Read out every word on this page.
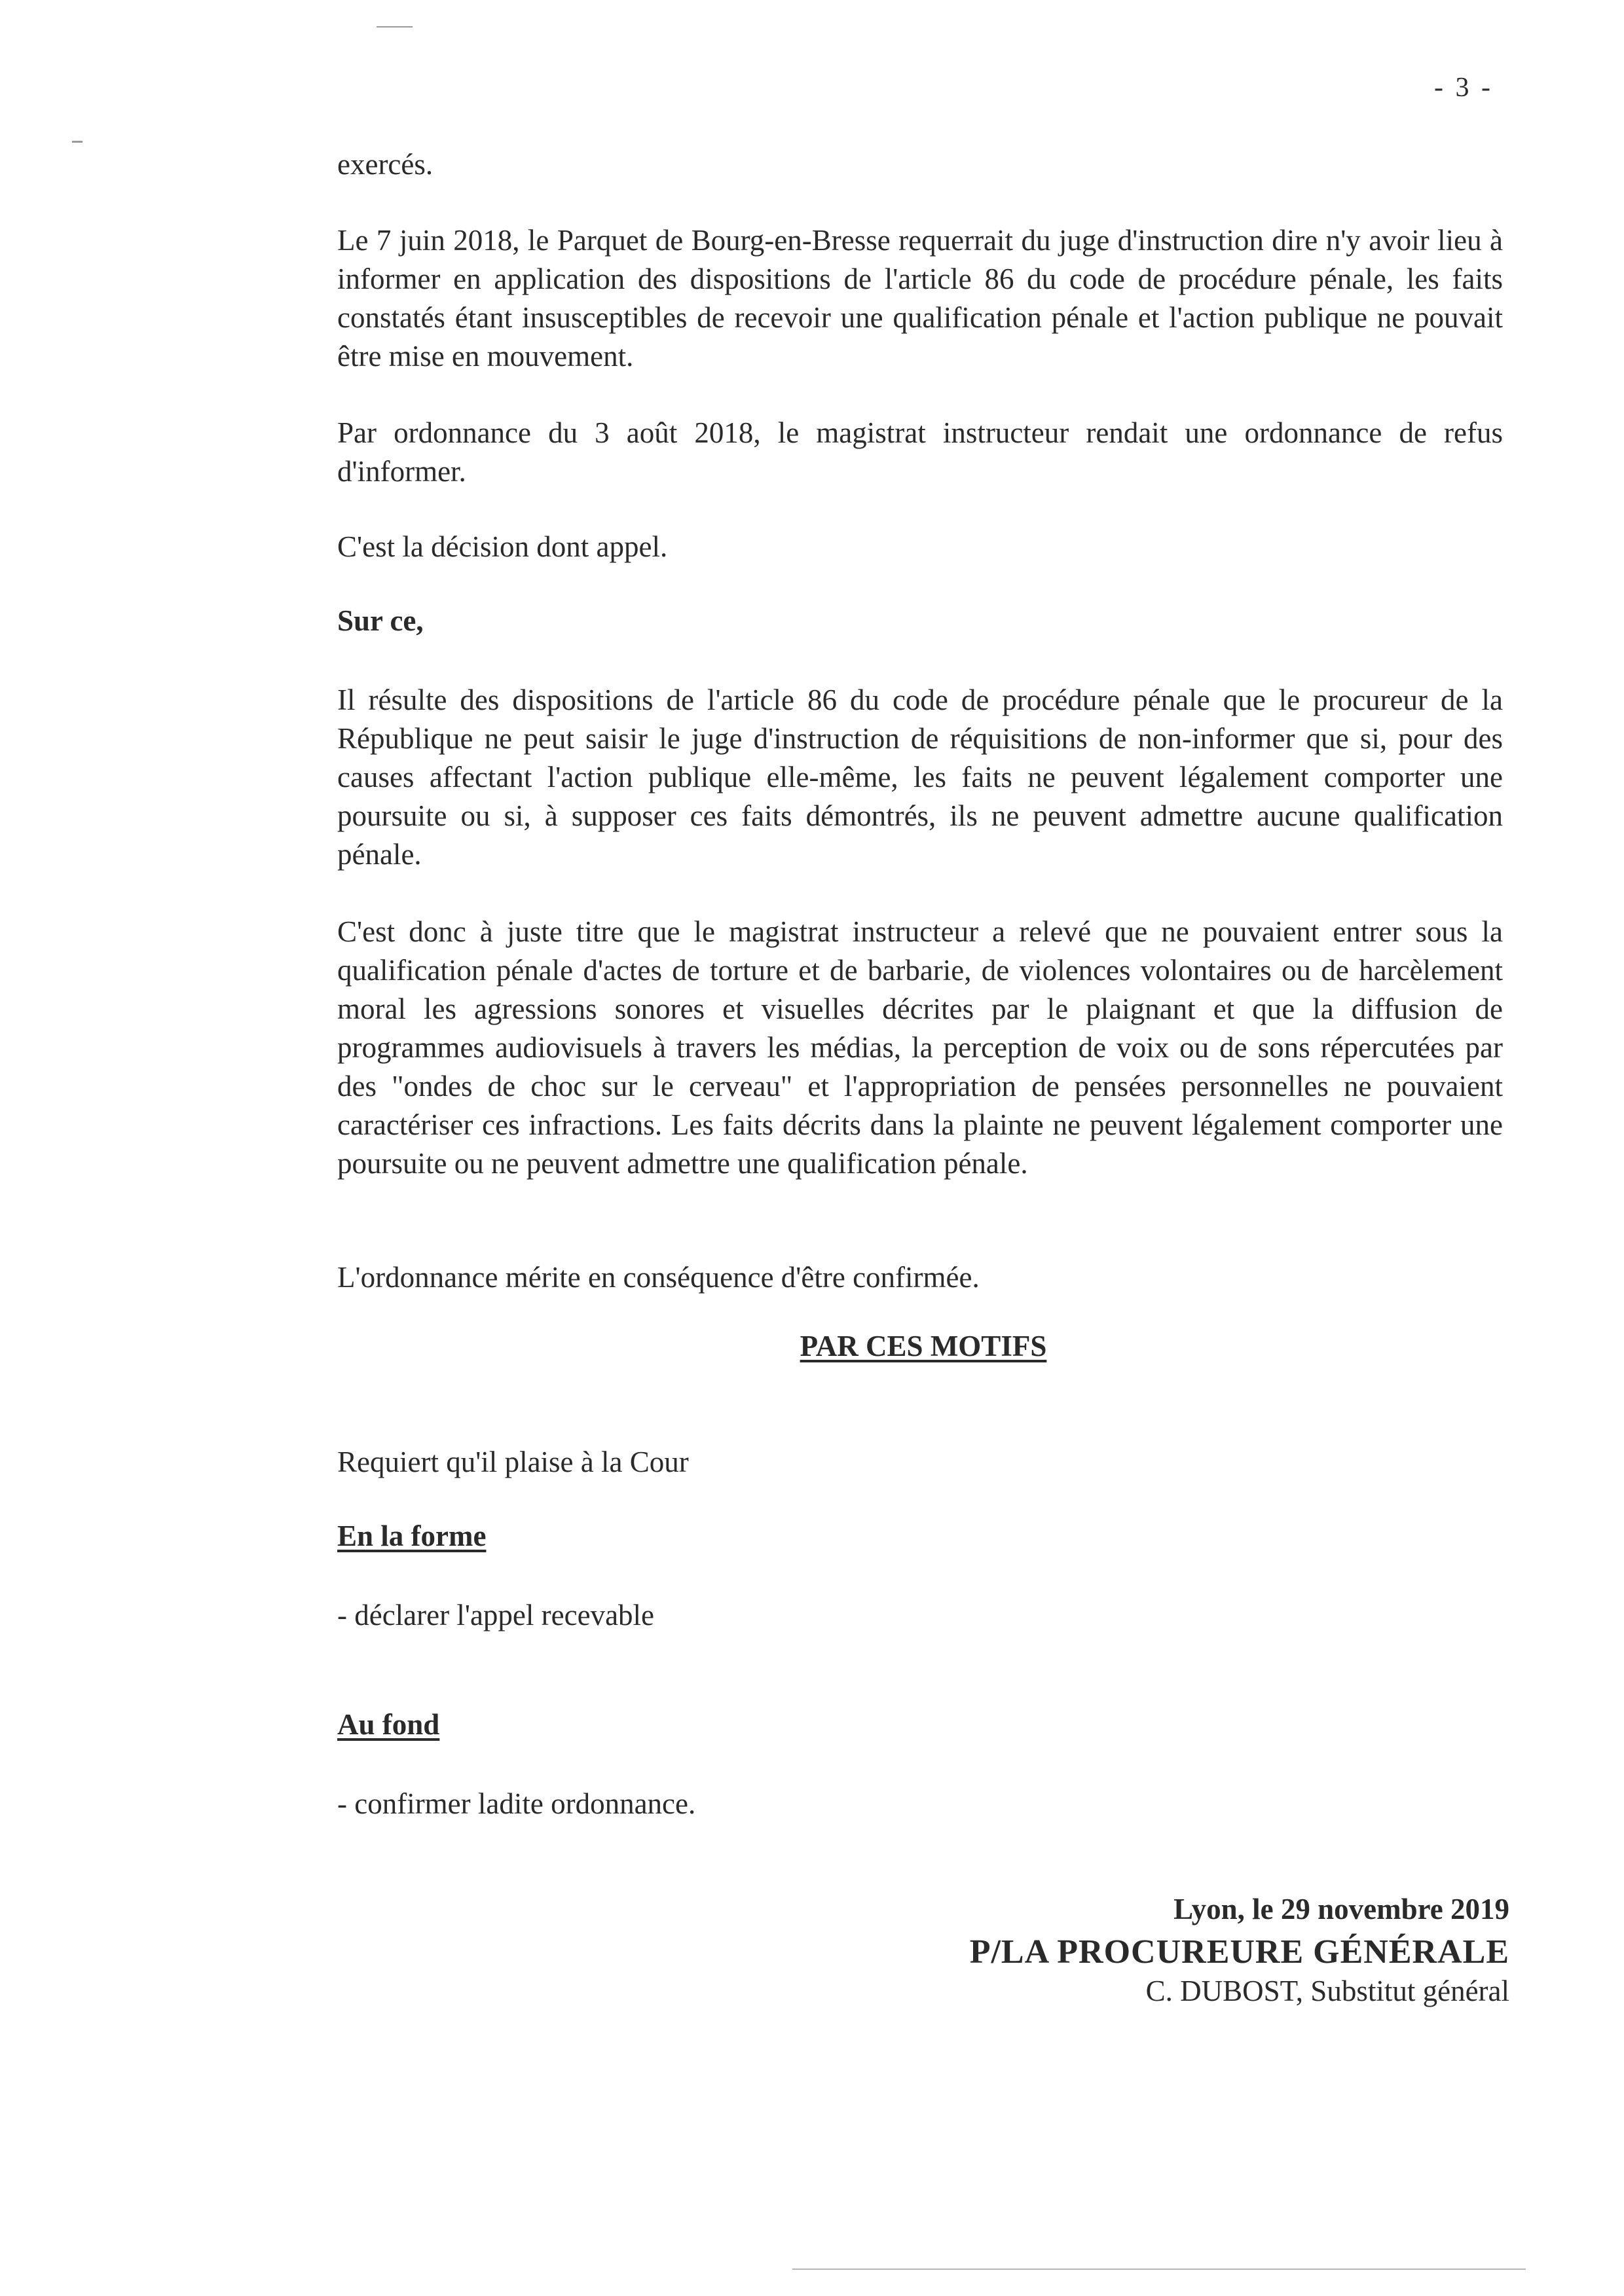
- 3 -

exercés.

Le 7 juin 2018, le Parquet de Bourg-en-Bresse requerrait du juge d'instruction dire n'y avoir lieu à informer en application des dispositions de l'article 86 du code de procédure pénale, les faits constatés étant insusceptibles de recevoir une qualification pénale et l'action publique ne pouvait être mise en mouvement.

Par ordonnance du 3 août 2018, le magistrat instructeur rendait une ordonnance de refus d'informer.

C'est la décision dont appel.

Sur ce,

Il résulte des dispositions de l'article 86 du code de procédure pénale que le procureur de la République ne peut saisir le juge d'instruction de réquisitions de non-informer que si, pour des causes affectant l'action publique elle-même, les faits ne peuvent légalement comporter une poursuite ou si, à supposer ces faits démontrés, ils ne peuvent admettre aucune qualification pénale.

C'est donc à juste titre que le magistrat instructeur a relevé que ne pouvaient entrer sous la qualification pénale d'actes de torture et de barbarie, de violences volontaires ou de harcèlement moral les agressions sonores et visuelles décrites par le plaignant et que la diffusion de programmes audiovisuels à travers les médias, la perception de voix ou de sons répercutées par des "ondes de choc sur le cerveau" et l'appropriation de pensées personnelles ne pouvaient caractériser ces infractions. Les faits décrits dans la plainte ne peuvent légalement comporter une poursuite ou ne peuvent admettre une qualification pénale.

L'ordonnance mérite en conséquence d'être confirmée.

PAR CES MOTIFS

Requiert qu'il plaise à la Cour

En la forme

- déclarer l'appel recevable

Au fond

- confirmer ladite ordonnance.

Lyon, le 29 novembre 2019

P/LA PROCUREURE GÉNÉRALE

C. DUBOST, Substitut général
